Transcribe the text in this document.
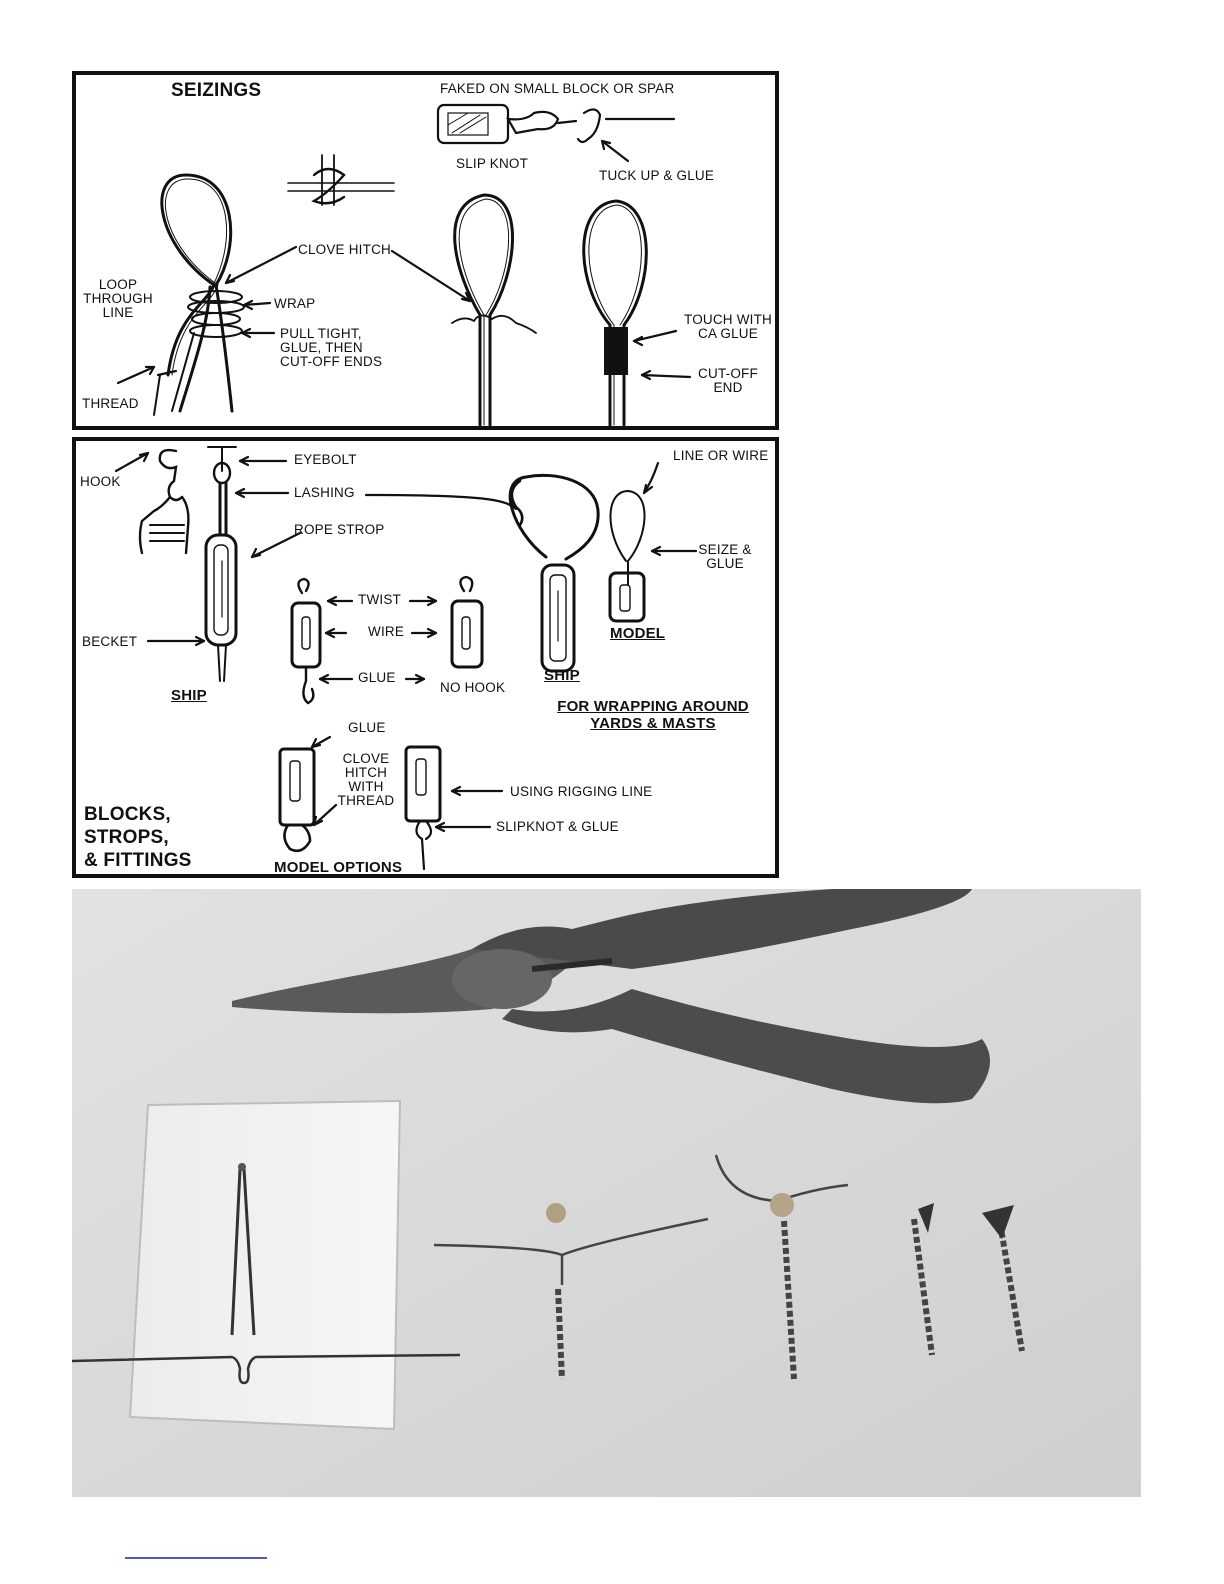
SEIZINGS	FAKED ON SMALL BLOCK OR SPAR
SLIP KNOT
TUCK UP & GLUE
CLOVE HITCH
LOOP
THROUGH
LINE
WRAP
PULL TIGHT,
GLUE, THEN
CUT-OFF ENDS
THREAD
TOUCH WITH
CA GLUE
CUT-OFF
END
HOOK
EYEBOLT
LASHING
ROPE STROP
BECKET
SHIP
TWIST
WIRE
GLUE
NO HOOK
LINE OR WIRE
SEIZE &
GLUE
MODEL
SHIP
FOR WRAPPING AROUND
YARDS & MASTS
GLUE
CLOVE
HITCH
WITH
THREAD
USING RIGGING LINE
SLIPKNOT & GLUE
BLOCKS,
STROPS,
& FITTINGS	MODEL OPTIONS
